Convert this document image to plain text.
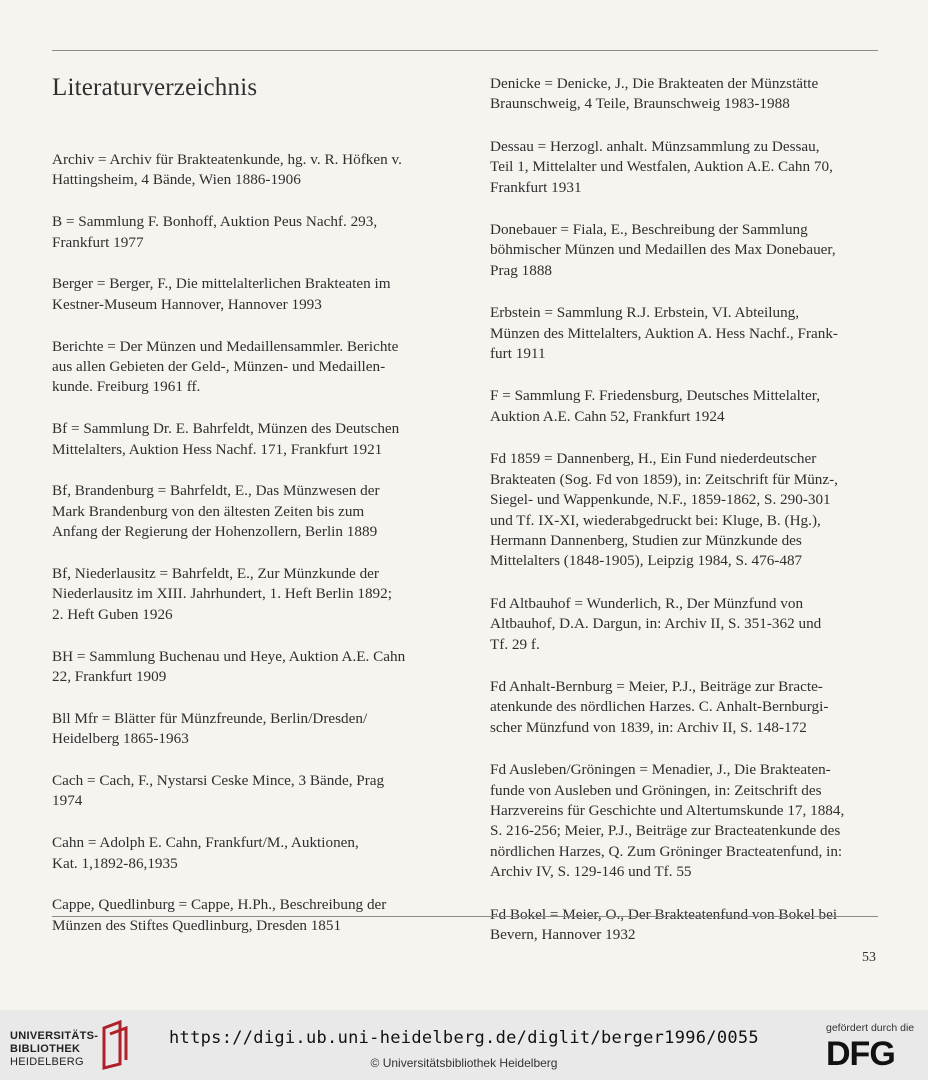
Literaturverzeichnis

Archiv = Archiv für Brakteatenkunde, hg. v. R. Höfken v.
Hattingsheim, 4 Bände, Wien 1886-1906

B = Sammlung F. Bonhoff, Auktion Peus Nachf. 293,
Frankfurt 1977

Berger = Berger, F., Die mittelalterlichen Brakteaten im
Kestner-Museum Hannover, Hannover 1993

Berichte = Der Münzen und Medaillensammler. Berichte
aus allen Gebieten der Geld-, Münzen- und Medaillen-
kunde. Freiburg 1961 ff.

Bf = Sammlung Dr. E. Bahrfeldt, Münzen des Deutschen
Mittelalters, Auktion Hess Nachf. 171, Frankfurt 1921

Bf, Brandenburg = Bahrfeldt, E., Das Münzwesen der
Mark Brandenburg von den ältesten Zeiten bis zum
Anfang der Regierung der Hohenzollern, Berlin 1889

Bf, Niederlausitz = Bahrfeldt, E., Zur Münzkunde der
Niederlausitz im XIII. Jahrhundert, 1. Heft Berlin 1892;
2. Heft Guben 1926

BH = Sammlung Buchenau und Heye, Auktion A.E. Cahn
22, Frankfurt 1909

Bll Mfr = Blätter für Münzfreunde, Berlin/Dresden/
Heidelberg 1865-1963

Cach = Cach, F., Nystarsi Ceske Mince, 3 Bände, Prag
1974

Cahn = Adolph E. Cahn, Frankfurt/M., Auktionen,
Kat. 1,1892-86,1935

Cappe, Quedlinburg = Cappe, H.Ph., Beschreibung der
Münzen des Stiftes Quedlinburg, Dresden 1851

Denicke = Denicke, J., Die Brakteaten der Münzstätte
Braunschweig, 4 Teile, Braunschweig 1983-1988

Dessau = Herzogl. anhalt. Münzsammlung zu Dessau,
Teil 1, Mittelalter und Westfalen, Auktion A.E. Cahn 70,
Frankfurt 1931

Donebauer = Fiala, E., Beschreibung der Sammlung
böhmischer Münzen und Medaillen des Max Donebauer,
Prag 1888

Erbstein = Sammlung R.J. Erbstein, VI. Abteilung,
Münzen des Mittelalters, Auktion A. Hess Nachf., Frank-
furt 1911

F = Sammlung F. Friedensburg, Deutsches Mittelalter,
Auktion A.E. Cahn 52, Frankfurt 1924

Fd 1859 = Dannenberg, H., Ein Fund niederdeutscher
Brakteaten (Sog. Fd von 1859), in: Zeitschrift für Münz-,
Siegel- und Wappenkunde, N.F., 1859-1862, S. 290-301
und Tf. IX-XI, wiederabgedruckt bei: Kluge, B. (Hg.),
Hermann Dannenberg, Studien zur Münzkunde des
Mittelalters (1848-1905), Leipzig 1984, S. 476-487

Fd Altbauhof = Wunderlich, R., Der Münzfund von
Altbauhof, D.A. Dargun, in: Archiv II, S. 351-362 und
Tf. 29 f.

Fd Anhalt-Bernburg = Meier, P.J., Beiträge zur Bracte-
atenkunde des nördlichen Harzes. C. Anhalt-Bernburgi-
scher Münzfund von 1839, in: Archiv II, S. 148-172

Fd Ausleben/Gröningen = Menadier, J., Die Brakteaten-
funde von Ausleben und Gröningen, in: Zeitschrift des
Harzvereins für Geschichte und Altertumskunde 17, 1884,
S. 216-256; Meier, P.J., Beiträge zur Bracteatenkunde des
nördlichen Harzes, Q. Zum Gröninger Bracteatenfund, in:
Archiv IV, S. 129-146 und Tf. 55

Fd Bokel = Meier, O., Der Brakteatenfund von Bokel bei
Bevern, Hannover 1932

53
UNIVERSITÄTS-
BIBLIOTHEK
HEIDELBERG
https://digi.ub.uni-heidelberg.de/diglit/berger1996/0055
© Universitätsbibliothek Heidelberg
gefördert durch die
DFG
